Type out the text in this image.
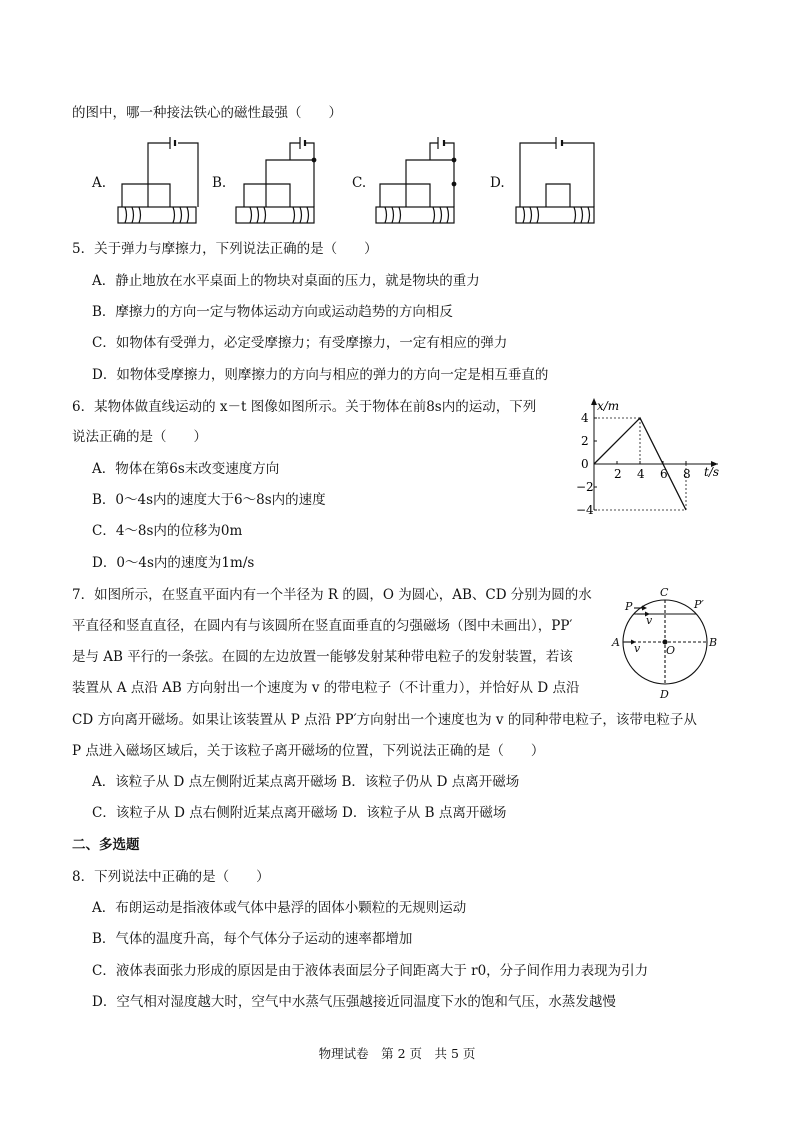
的图中，哪一种接法铁心的磁性最强（　　）
A.	B.	C.	D.
5．关于弹力与摩擦力，下列说法正确的是（　　）
A．静止地放在水平桌面上的物块对桌面的压力，就是物块的重力
B．摩擦力的方向一定与物体运动方向或运动趋势的方向相反
C．如物体有受弹力，必定受摩擦力；有受摩擦力，一定有相应的弹力
D．如物体受摩擦力，则摩擦力的方向与相应的弹力的方向一定是相互垂直的
6．某物体做直线运动的 x－t 图像如图所示。关于物体在前8s内的运动，下列
说法正确的是（　　）
A．物体在第6s末改变速度方向
B．0～4s内的速度大于6～8s内的速度
C．4～8s内的位移为0m
D．0～4s内的速度为1m/s
2 4 6 8
4
2
0
−2
−4
x/m
t/s
7．如图所示，在竖直平面内有一个半径为 R 的圆，O 为圆心，AB、CD 分别为圆的水
平直径和竖直直径，在圆内有与该圆所在竖直面垂直的匀强磁场（图中未画出），PP′
是与 AB 平行的一条弦。在圆的左边放置一能够发射某种带电粒子的发射装置，若该
装置从 A 点沿 AB 方向射出一个速度为 v 的带电粒子（不计重力），并恰好从 D 点沿
CD 方向离开磁场。如果让该装置从 P 点沿 PP′方向射出一个速度也为 v 的同种带电粒子，该带电粒子从
P 点进入磁场区域后，关于该粒子离开磁场的位置，下列说法正确的是（　　）
A．该粒子从 D 点左侧附近某点离开磁场 B．该粒子仍从 D 点离开磁场
C．该粒子从 D 点右侧附近某点离开磁场 D．该粒子从 B 点离开磁场
C
D
A	B
O
P	P′
v
v
二、多选题
8．下列说法中正确的是（　　）
A．布朗运动是指液体或气体中悬浮的固体小颗粒的无规则运动
B．气体的温度升高，每个气体分子运动的速率都增加
C．液体表面张力形成的原因是由于液体表面层分子间距离大于 r0，分子间作用力表现为引力
D．空气相对湿度越大时，空气中水蒸气压强越接近同温度下水的饱和气压，水蒸发越慢
物理试卷　第 2 页　共 5 页
